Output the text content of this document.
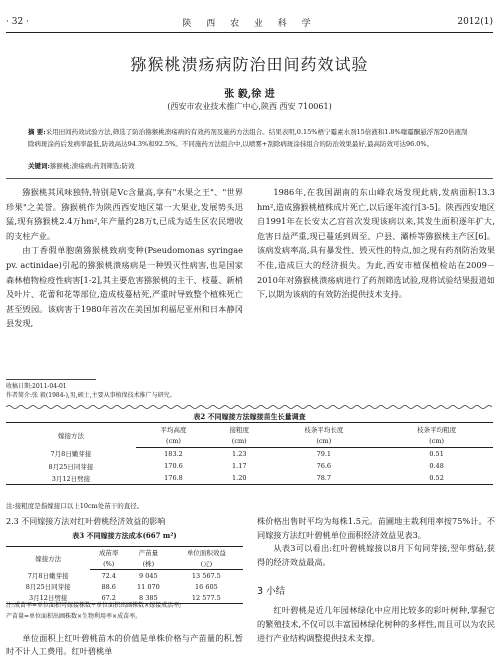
· 32 ·	陕 西 农 业 科 学	2012(1)
猕猴桃溃疡病防治田间药效试验
张 毅,徐 进
(西安市农业技术推广中心,陕西 西安 710061)
摘 要:采用田间药效试验方法,筛选了防治猕猴桃溃疡病的有效药剂及施药方法组合。结果表明,0.15%梧宁霉素水剂15倍液和1.8%噻霉酮悬浮剂20倍液刮除病斑涂药后发病率最低,防效高达94.3%和92.5%。不同施药方法组合中,以喷雾+刮除病斑涂抹组合的防治效果最好,最高防效可达96.0%。
关键词:猕猴桃;溃疡病;药剂筛选;防效

猕猴桃其风味独特,特别是Vc含量高,享有"水果之王"、"世界珍果"之美誉。猕猴桃作为陕西西安地区第一大果业,发展势头迅猛,现有猕猴桃2.4万hm²,年产量约28万t,已成为适生区农民增收的支柱产业。

由丁香假单胞菌猕猴桃致病变种(Pseudomonas syringae pv. actinidae)引起的猕猴桃溃疡病是一种毁灭性病害,也是国家森林植物检疫性病害[1-2],其主要危害猕猴桃的主干、枝蔓、新梢及叶片、花蕾和花等部位,造成枝蔓枯死,严重时导致整个植株死亡甚至毁园。该病害于1980年首次在美国加利福尼亚州和日本静冈县发现,

1986年,在我国湖南的东山峰农场发现此病,发病面积13.3 hm²,造成猕猴桃植株成片死亡,以后逐年流行[3-5]。陕西西安地区自1991年在长安太乙宫首次发现该病以来,其发生面积逐年扩大,危害日益严重,现已蔓延到周至、户县、灞桥等猕猴桃主产区[6]。该病发病率高,具有暴发性、毁灭性的特点,加之现有药剂防治效果不佳,造成巨大的经济损失。为此,西安市植保植检站在2009－2010年对猕猴桃溃疡病进行了药剂筛选试验,现将试验结果报道如下,以期为该病的有效防治提供技术支持。

收稿日期:2011-04-01
作者简介:张 毅(1984-),男,硕士,主要从事植保技术推广与研究。
表2 不同嫁接方法嫁接苗生长量调查
嫁接方法	平均高度	接粗度	枝条平均长度	枝条平均粗度
	(cm)	(cm)	(cm)	(cm)
7月8日嫩芽接	183.2	1.23	79.1	0.51
8月25日同芽接	170.6	1.17	76.6	0.48
3月12日劈接	176.8	1.20	78.7	0.52
注:接粗度是指嫁接口以上10cm处苗干的直径。
2.3 不同嫁接方法对红叶碧桃经济效益的影响
表3 不同嫁接方法成本(667 m²)
嫁接方法	成苗率	产苗量	单位面积效益
	(%)	(株)	(元)
7月8日嫩芽接	72.4	9 045	13 567.5
8月25日同芽接	88.6	11 070	16 605
3月12日劈接	67.2	8 385	12 577.5
注:成苗率=单位面积可嫁接株数÷单位面积出圃株数×嫁接成活率;
产苗量=单位面积出圃株数×生物利用率×成苗率。

单位面积上红叶碧桃苗木的价值是单株价格与产苗量的积,暂时不计人工费用。红叶碧桃单

株价格出售时平均为每株1.5元。苗圃地主栽利用率按75%计。不同嫁接方法红叶碧桃单位面积经济效益见表3。

从表3可以看出:红叶碧桃嫁接以8月下旬同芽接,翌年剪砧,获得的经济效益最高。

3 小结

红叶碧桃是近几年园林绿化中应用比较多的彩叶树种,掌握它的繁殖技术,不仅可以丰富园林绿化树种的多样性,而且可以为农民进行产业结构调整提供技术支撑。
